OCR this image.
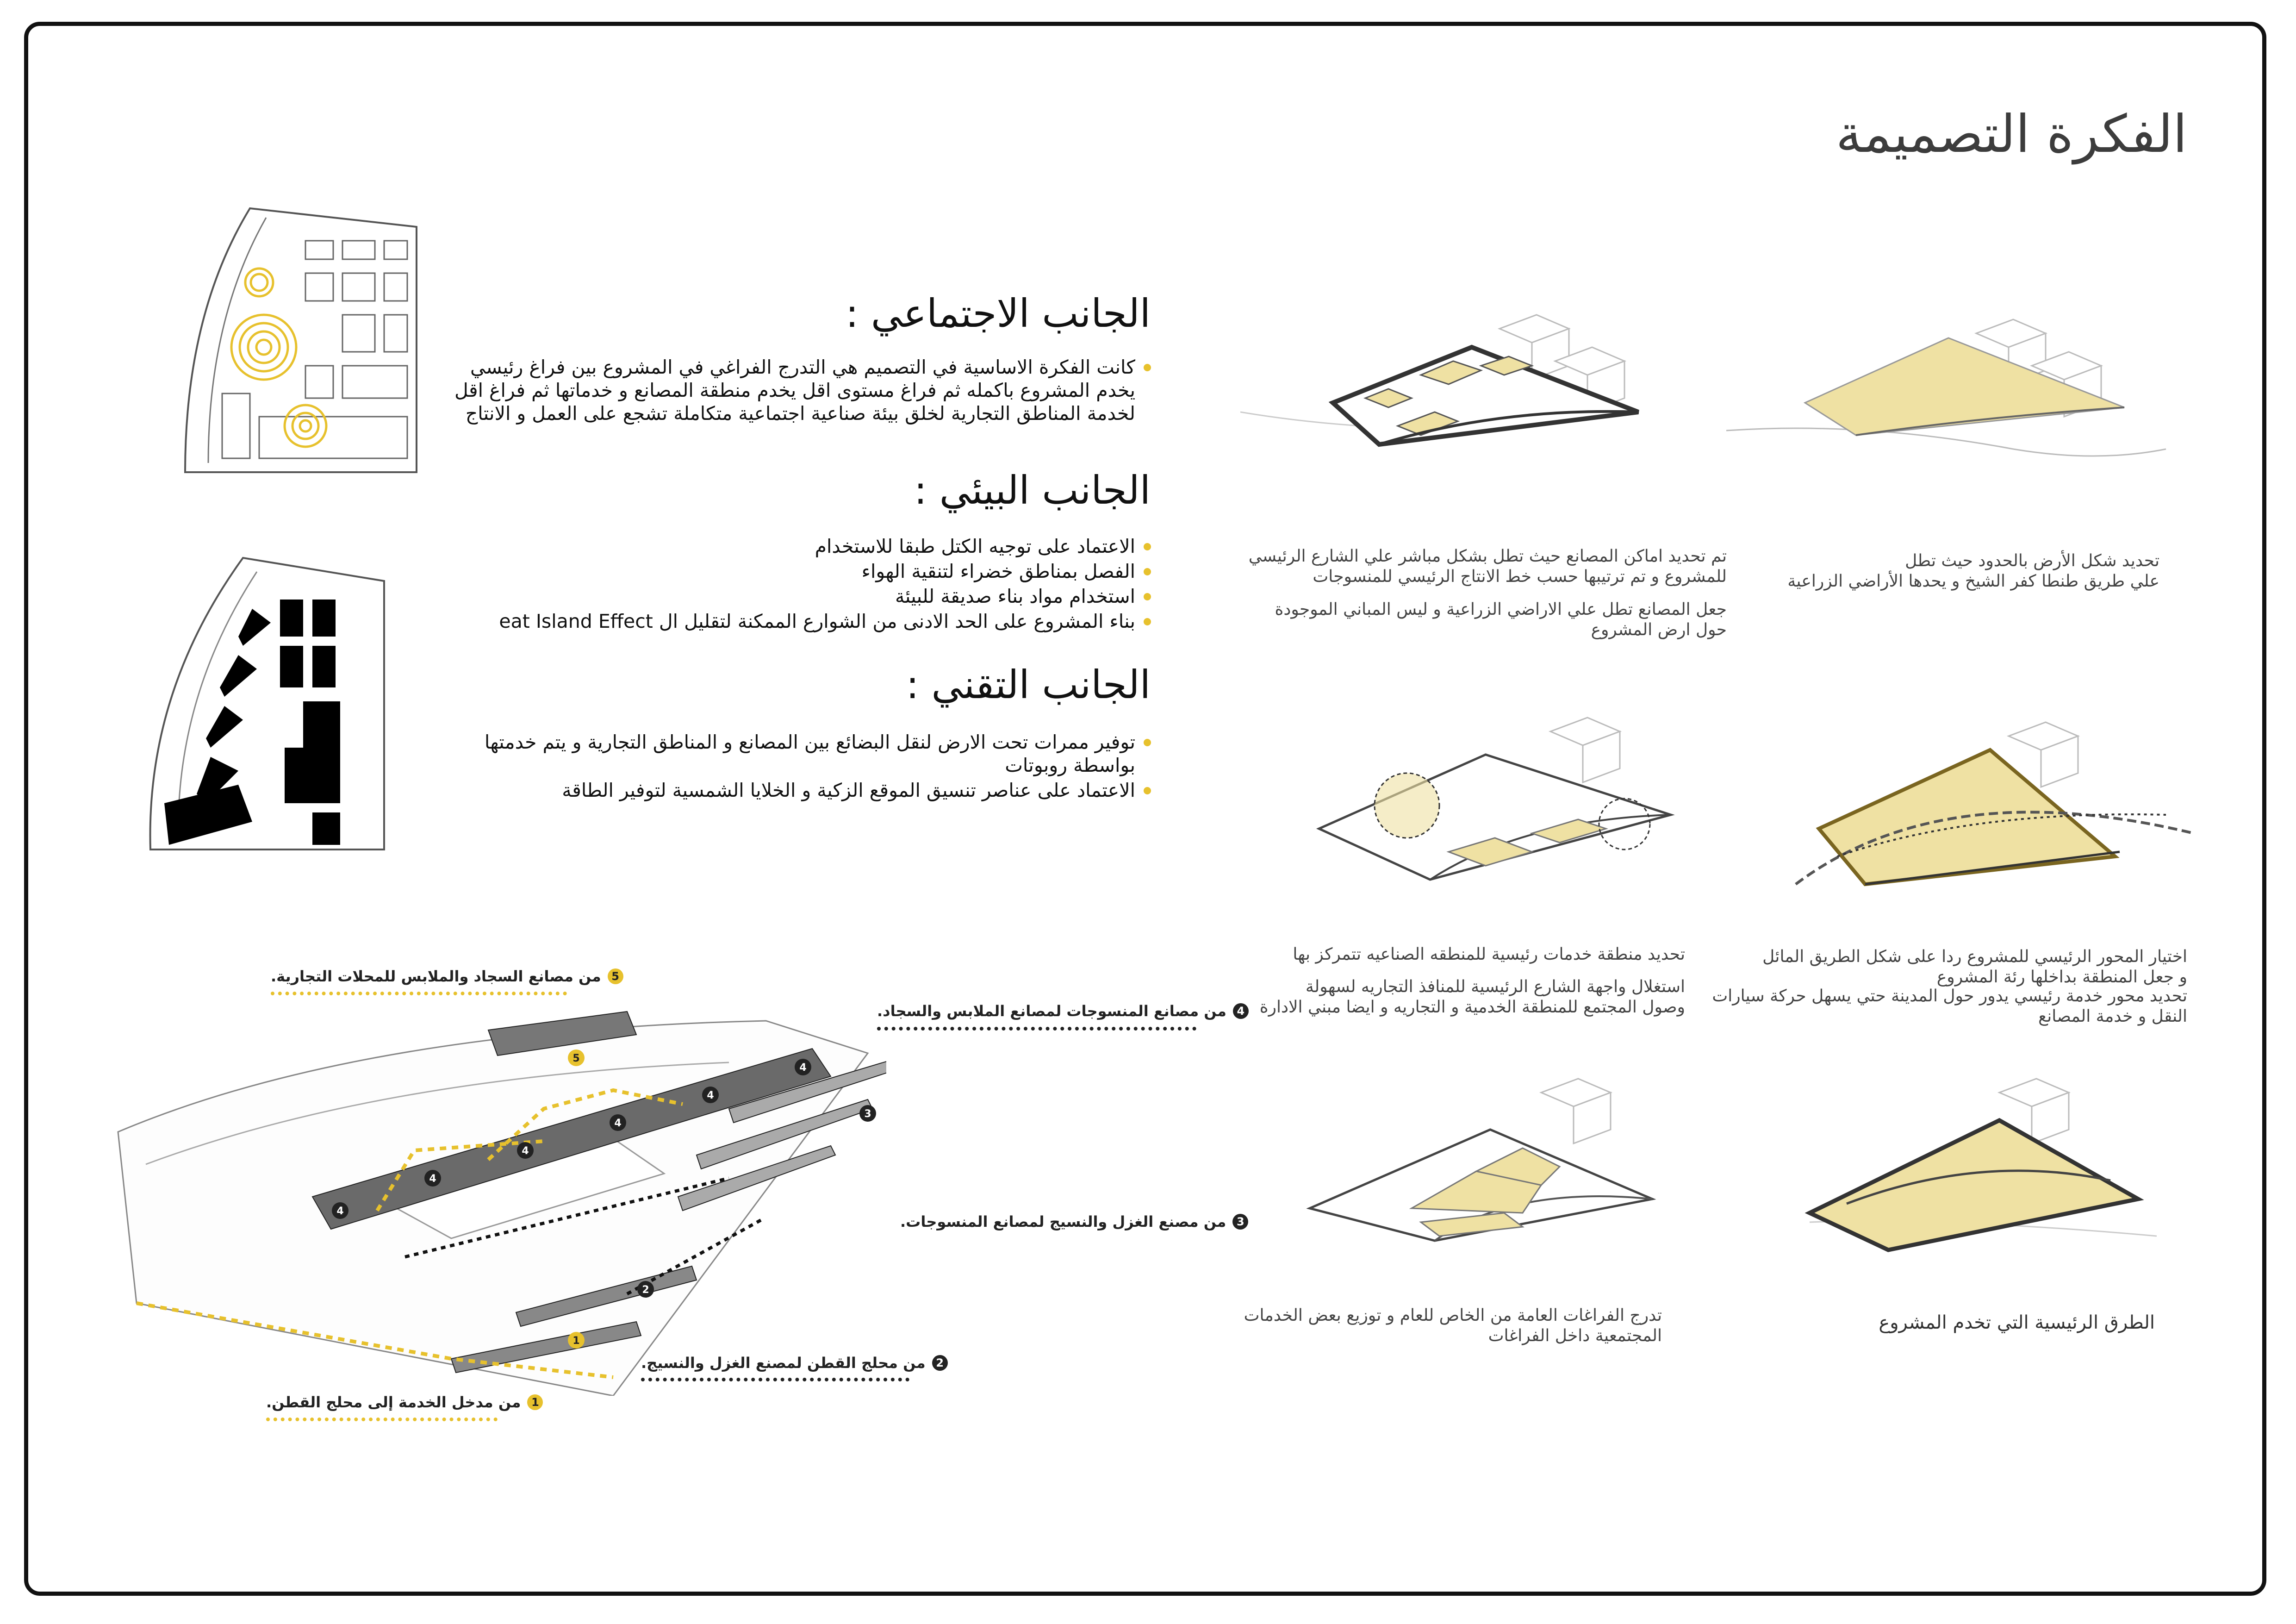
الفكرة التصميمة
الجانب الاجتماعي :
كانت الفكرة الاساسية في التصميم هي التدرج الفراغي في المشروع بين فراغ رئيسي يخدم المشروع باكمله ثم فراغ مستوى اقل يخدم منطقة المصانع و خدماتها ثم فراغ اقل لخدمة المناطق التجارية لخلق بيئة صناعية اجتماعية متكاملة تشجع على العمل و الانتاج
الجانب البيئي :
الاعتماد على توجيه الكتل طبقا للاستخدام
الفصل بمناطق خضراء لتنقية الهواء
استخدام مواد بناء صديقة للبيئة
بناء المشروع على الحد الادنى من الشوارع الممكنة لتقليل ال eat Island Effect
الجانب التقني :
توفير ممرات تحت الارض لنقل البضائع بين المصانع و المناطق التجارية و يتم خدمتها بواسطة روبوتات
الاعتماد على عناصر تنسيق الموقع الزكية و الخلايا الشمسية لتوفير الطاقة
5
4
4
4
4
4
4
3
2
1
5
من مصانع السجاد والملابس للمحلات التجارية.
4
من مصانع المنسوجات لمصانع الملابس والسجاد.
3
من مصنع الغزل والنسيج لمصانع المنسوجات.
2
من محلج القطن لمصنع الغزل والنسيج.
1
من مدخل الخدمة إلى محلج القطن.
تحديد شكل الأرض بالحدود حيث تطل
علي طريق طنطا كفر الشيخ و يحدها الأراضي الزراعية
تم تحديد اماكن المصانع حيث تطل بشكل مباشر علي الشارع الرئيسي
للمشروع و تم ترتيبها حسب خط الانتاج الرئيسي للمنسوجات
جعل المصانع تطل علي الاراضي الزراعية و ليس المباني الموجودة
حول ارض المشروع
اختيار المحور الرئيسي للمشروع ردا على شكل الطريق المائل
و جعل المنطقة بداخلها رئة المشروع
تحديد محور خدمة رئيسي يدور حول المدينة حتي يسهل حركة سيارات
النقل و خدمة المصانع
تحديد منطقة خدمات رئيسية للمنطقه الصناعيه تتمركز بها
استغلال واجهة الشارع الرئيسية للمنافذ التجاريه لسهولة
وصول المجتمع للمنطقة الخدمية و التجاريه و ايضا مبني الادارة
الطرق الرئيسية التي تخدم المشروع
تدرج الفراغات العامة من الخاص للعام و توزيع بعض الخدمات
المجتمعية داخل الفراغات
